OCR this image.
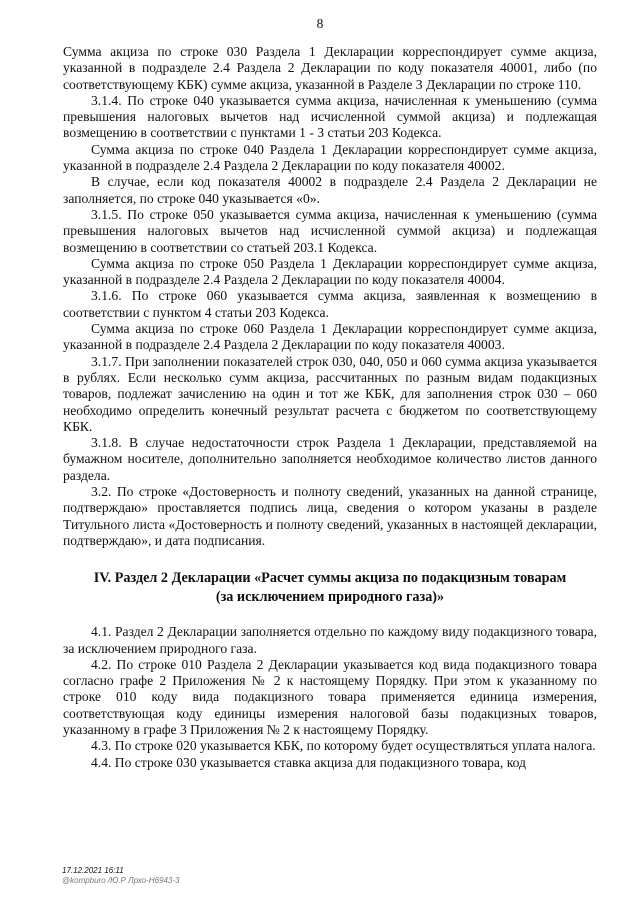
8

Сумма акциза по строке 030 Раздела 1 Декларации корреспондирует сумме акциза, указанной в подразделе 2.4 Раздела 2 Декларации по коду показателя 40001, либо (по соответствующему КБК) сумме акциза, указанной в Разделе 3 Декларации по строке 110.

3.1.4. По строке 040 указывается сумма акциза, начисленная к уменьшению (сумма превышения налоговых вычетов над исчисленной суммой акциза) и подлежащая возмещению в соответствии с пунктами 1 - 3 статьи 203 Кодекса.

Сумма акциза по строке 040 Раздела 1 Декларации корреспондирует сумме акциза, указанной в подразделе 2.4 Раздела 2 Декларации по коду показателя 40002.

В случае, если код показателя 40002 в подразделе 2.4 Раздела 2 Декларации не заполняется, по строке 040 указывается «0».

3.1.5. По строке 050 указывается сумма акциза, начисленная к уменьшению (сумма превышения налоговых вычетов над исчисленной суммой акциза) и подлежащая возмещению в соответствии со статьей 203.1 Кодекса.

Сумма акциза по строке 050 Раздела 1 Декларации корреспондирует сумме акциза, указанной в подразделе 2.4 Раздела 2 Декларации по коду показателя 40004.

3.1.6. По строке 060 указывается сумма акциза, заявленная к возмещению в соответствии с пунктом 4 статьи 203 Кодекса.

Сумма акциза по строке 060 Раздела 1 Декларации корреспондирует сумме акциза, указанной в подразделе 2.4 Раздела 2 Декларации по коду показателя 40003.

3.1.7. При заполнении показателей строк 030, 040, 050 и 060 сумма акциза указывается в рублях. Если несколько сумм акциза, рассчитанных по разным видам подакцизных товаров, подлежат зачислению на один и тот же КБК, для заполнения строк 030 – 060 необходимо определить конечный результат расчета с бюджетом по соответствующему КБК.

3.1.8. В случае недостаточности строк Раздела 1 Декларации, представляемой на бумажном носителе, дополнительно заполняется необходимое количество листов данного раздела.

3.2. По строке «Достоверность и полноту сведений, указанных на данной странице, подтверждаю» проставляется подпись лица, сведения о котором указаны в разделе Титульного листа «Достоверность и полноту сведений, указанных в настоящей декларации, подтверждаю», и дата подписания.

IV. Раздел 2 Декларации «Расчет суммы акциза по подакцизным товарам

(за исключением природного газа)»

4.1. Раздел 2 Декларации заполняется отдельно по каждому виду подакцизного товара, за исключением природного газа.

4.2. По строке 010 Раздела 2 Декларации указывается код вида подакцизного товара согласно графе 2 Приложения № 2 к настоящему Порядку. При этом к указанному по строке 010 коду вида подакцизного товара применяется единица измерения, соответствующая коду единицы измерения налоговой базы подакцизных товаров, указанному в графе 3 Приложения № 2 к настоящему Порядку.

4.3. По строке 020 указывается КБК, по которому будет осуществляться уплата налога.

4.4. По строке 030 указывается ставка акциза для подакцизного товара, код

17.12.2021 16:11
@kompburo /Ю.Р Лрхо-Н6943-3
